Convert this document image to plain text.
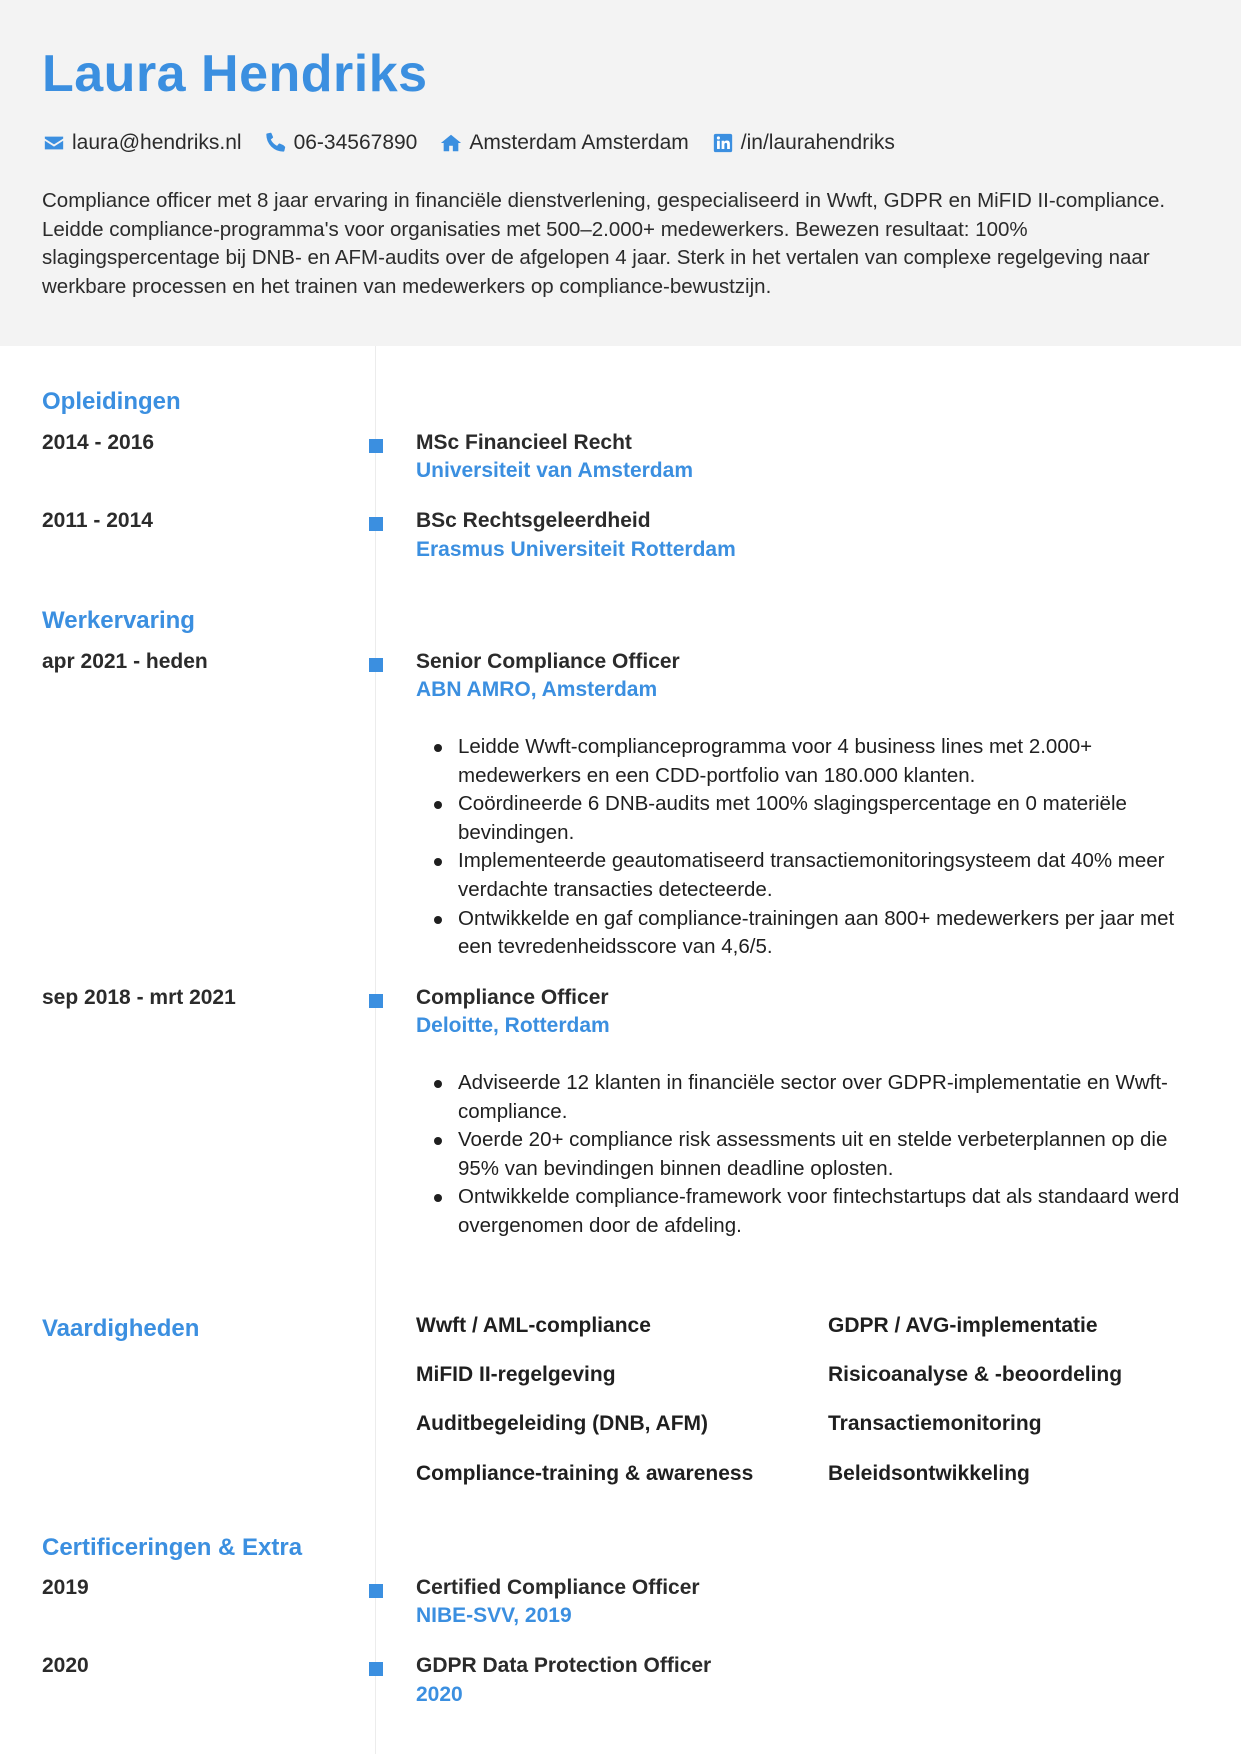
Laura Hendriks
laura@hendriks.nl 06-34567890 Amsterdam Amsterdam /in/laurahendriks
Compliance officer met 8 jaar ervaring in financiële dienstverlening, gespecialiseerd in Wwft, GDPR en MiFID II-compliance. Leidde compliance-programma's voor organisaties met 500–2.000+ medewerkers. Bewezen resultaat: 100% slagingspercentage bij DNB- en AFM-audits over de afgelopen 4 jaar. Sterk in het vertalen van complexe regelgeving naar werkbare processen en het trainen van medewerkers op compliance-bewustzijn.
Opleidingen
2014 - 2016	MSc Financieel Recht
Universiteit van Amsterdam
2011 - 2014	BSc Rechtsgeleerdheid
Erasmus Universiteit Rotterdam
Werkervaring
apr 2021 - heden	Senior Compliance Officer
ABN AMRO, Amsterdam
Leidde Wwft-complianceprogramma voor 4 business lines met 2.000+ medewerkers en een CDD-portfolio van 180.000 klanten.
Coördineerde 6 DNB-audits met 100% slagingspercentage en 0 materiële bevindingen.
Implementeerde geautomatiseerd transactiemonitoringsysteem dat 40% meer verdachte transacties detecteerde.
Ontwikkelde en gaf compliance-trainingen aan 800+ medewerkers per jaar met een tevredenheidsscore van 4,6/5.
sep 2018 - mrt 2021	Compliance Officer
Deloitte, Rotterdam
Adviseerde 12 klanten in financiële sector over GDPR-implementatie en Wwft-compliance.
Voerde 20+ compliance risk assessments uit en stelde verbeterplannen op die 95% van bevindingen binnen deadline oplosten.
Ontwikkelde compliance-framework voor fintechstartups dat als standaard werd overgenomen door de afdeling.
Vaardigheden	Wwft / AML-compliance	GDPR / AVG-implementatie
MiFID II-regelgeving	Risicoanalyse & -beoordeling
Auditbegeleiding (DNB, AFM)	Transactiemonitoring
Compliance-training & awareness	Beleidsontwikkeling
Certificeringen & Extra
2019	Certified Compliance Officer
NIBE-SVV, 2019
2020	GDPR Data Protection Officer
2020
